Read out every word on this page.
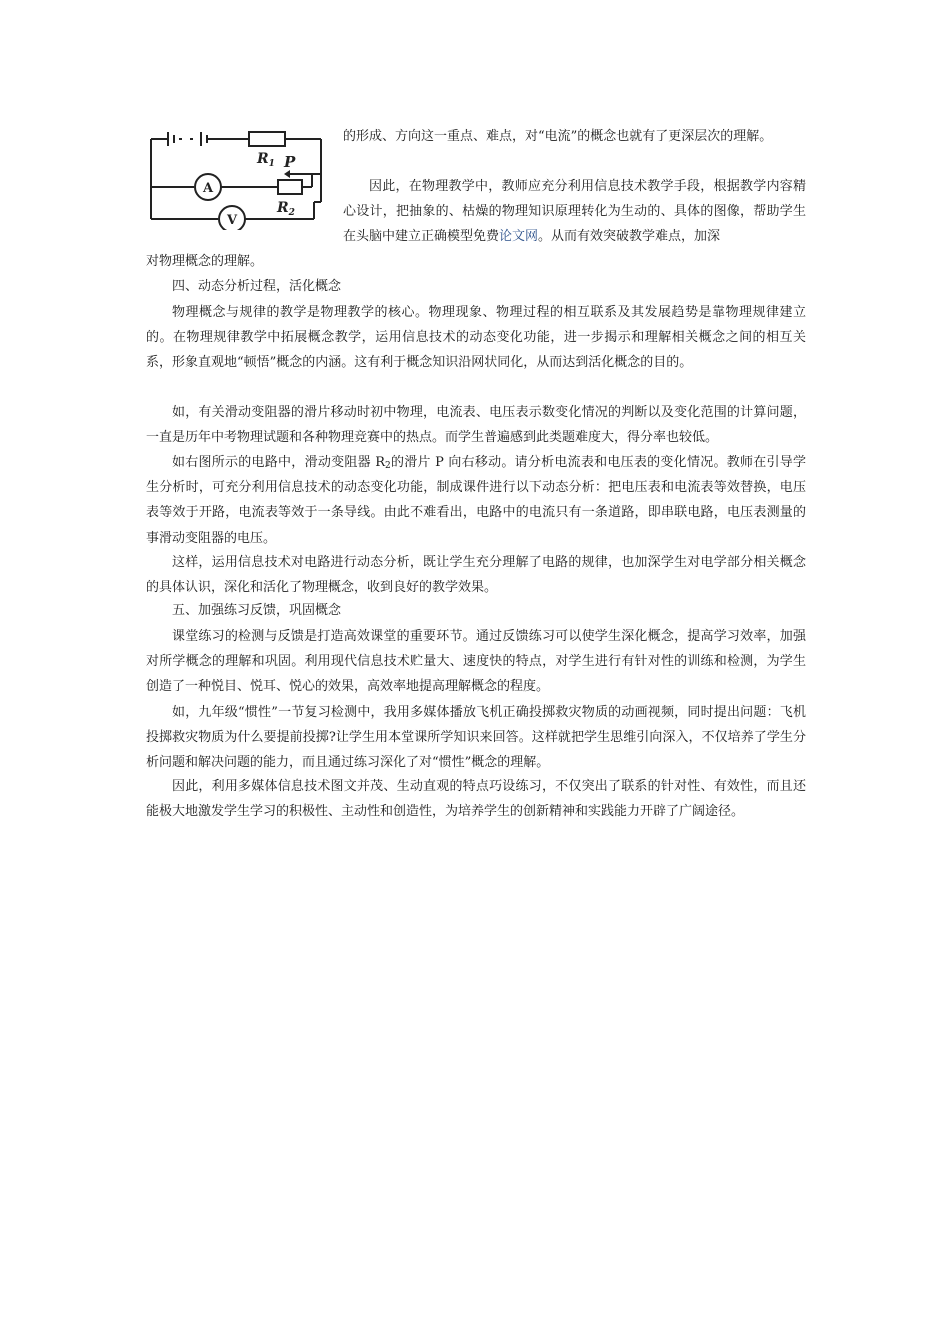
$R_1$ P
$R_2$
A
V

的形成、方向这一重点、难点，对“电流”的概念也就有了更深层次的理解。

因此，在物理教学中，教师应充分利用信息技术教学手段，根据教学内容精心设计，把抽象的、枯燥的物理知识原理转化为生动的、具体的图像，帮助学生在头脑中建立正确模型免费论文网。从而有效突破教学难点，加深

对物理概念的理解。

四、动态分析过程，活化概念

物理概念与规律的教学是物理教学的核心。物理现象、物理过程的相互联系及其发展趋势是靠物理规律建立的。在物理规律教学中拓展概念教学，运用信息技术的动态变化功能，进一步揭示和理解相关概念之间的相互关系，形象直观地“顿悟”概念的内涵。这有利于概念知识沿网状同化，从而达到活化概念的目的。

如，有关滑动变阻器的滑片移动时初中物理，电流表、电压表示数变化情况的判断以及变化范围的计算问题，一直是历年中考物理试题和各种物理竞赛中的热点。而学生普遍感到此类题难度大，得分率也较低。

如右图所示的电路中，滑动变阻器 $R_2$的滑片 P 向右移动。请分析电流表和电压表的变化情况。教师在引导学生分析时，可充分利用信息技术的动态变化功能，制成课件进行以下动态分析：把电压表和电流表等效替换，电压表等效于开路，电流表等效于一条导线。由此不难看出，电路中的电流只有一条道路，即串联电路，电压表测量的事滑动变阻器的电压。

这样，运用信息技术对电路进行动态分析，既让学生充分理解了电路的规律，也加深学生对电学部分相关概念的具体认识，深化和活化了物理概念，收到良好的教学效果。

五、加强练习反馈，巩固概念

课堂练习的检测与反馈是打造高效课堂的重要环节。通过反馈练习可以使学生深化概念，提高学习效率，加强对所学概念的理解和巩固。利用现代信息技术贮量大、速度快的特点，对学生进行有针对性的训练和检测，为学生创造了一种悦目、悦耳、悦心的效果，高效率地提高理解概念的程度。

如，九年级“惯性”一节复习检测中，我用多媒体播放飞机正确投掷救灾物质的动画视频，同时提出问题：飞机投掷救灾物质为什么要提前投掷?让学生用本堂课所学知识来回答。这样就把学生思维引向深入，不仅培养了学生分析问题和解决问题的能力，而且通过练习深化了对“惯性”概念的理解。

因此，利用多媒体信息技术图文并茂、生动直观的特点巧设练习，不仅突出了联系的针对性、有效性，而且还能极大地激发学生学习的积极性、主动性和创造性，为培养学生的创新精神和实践能力开辟了广阔途径。
